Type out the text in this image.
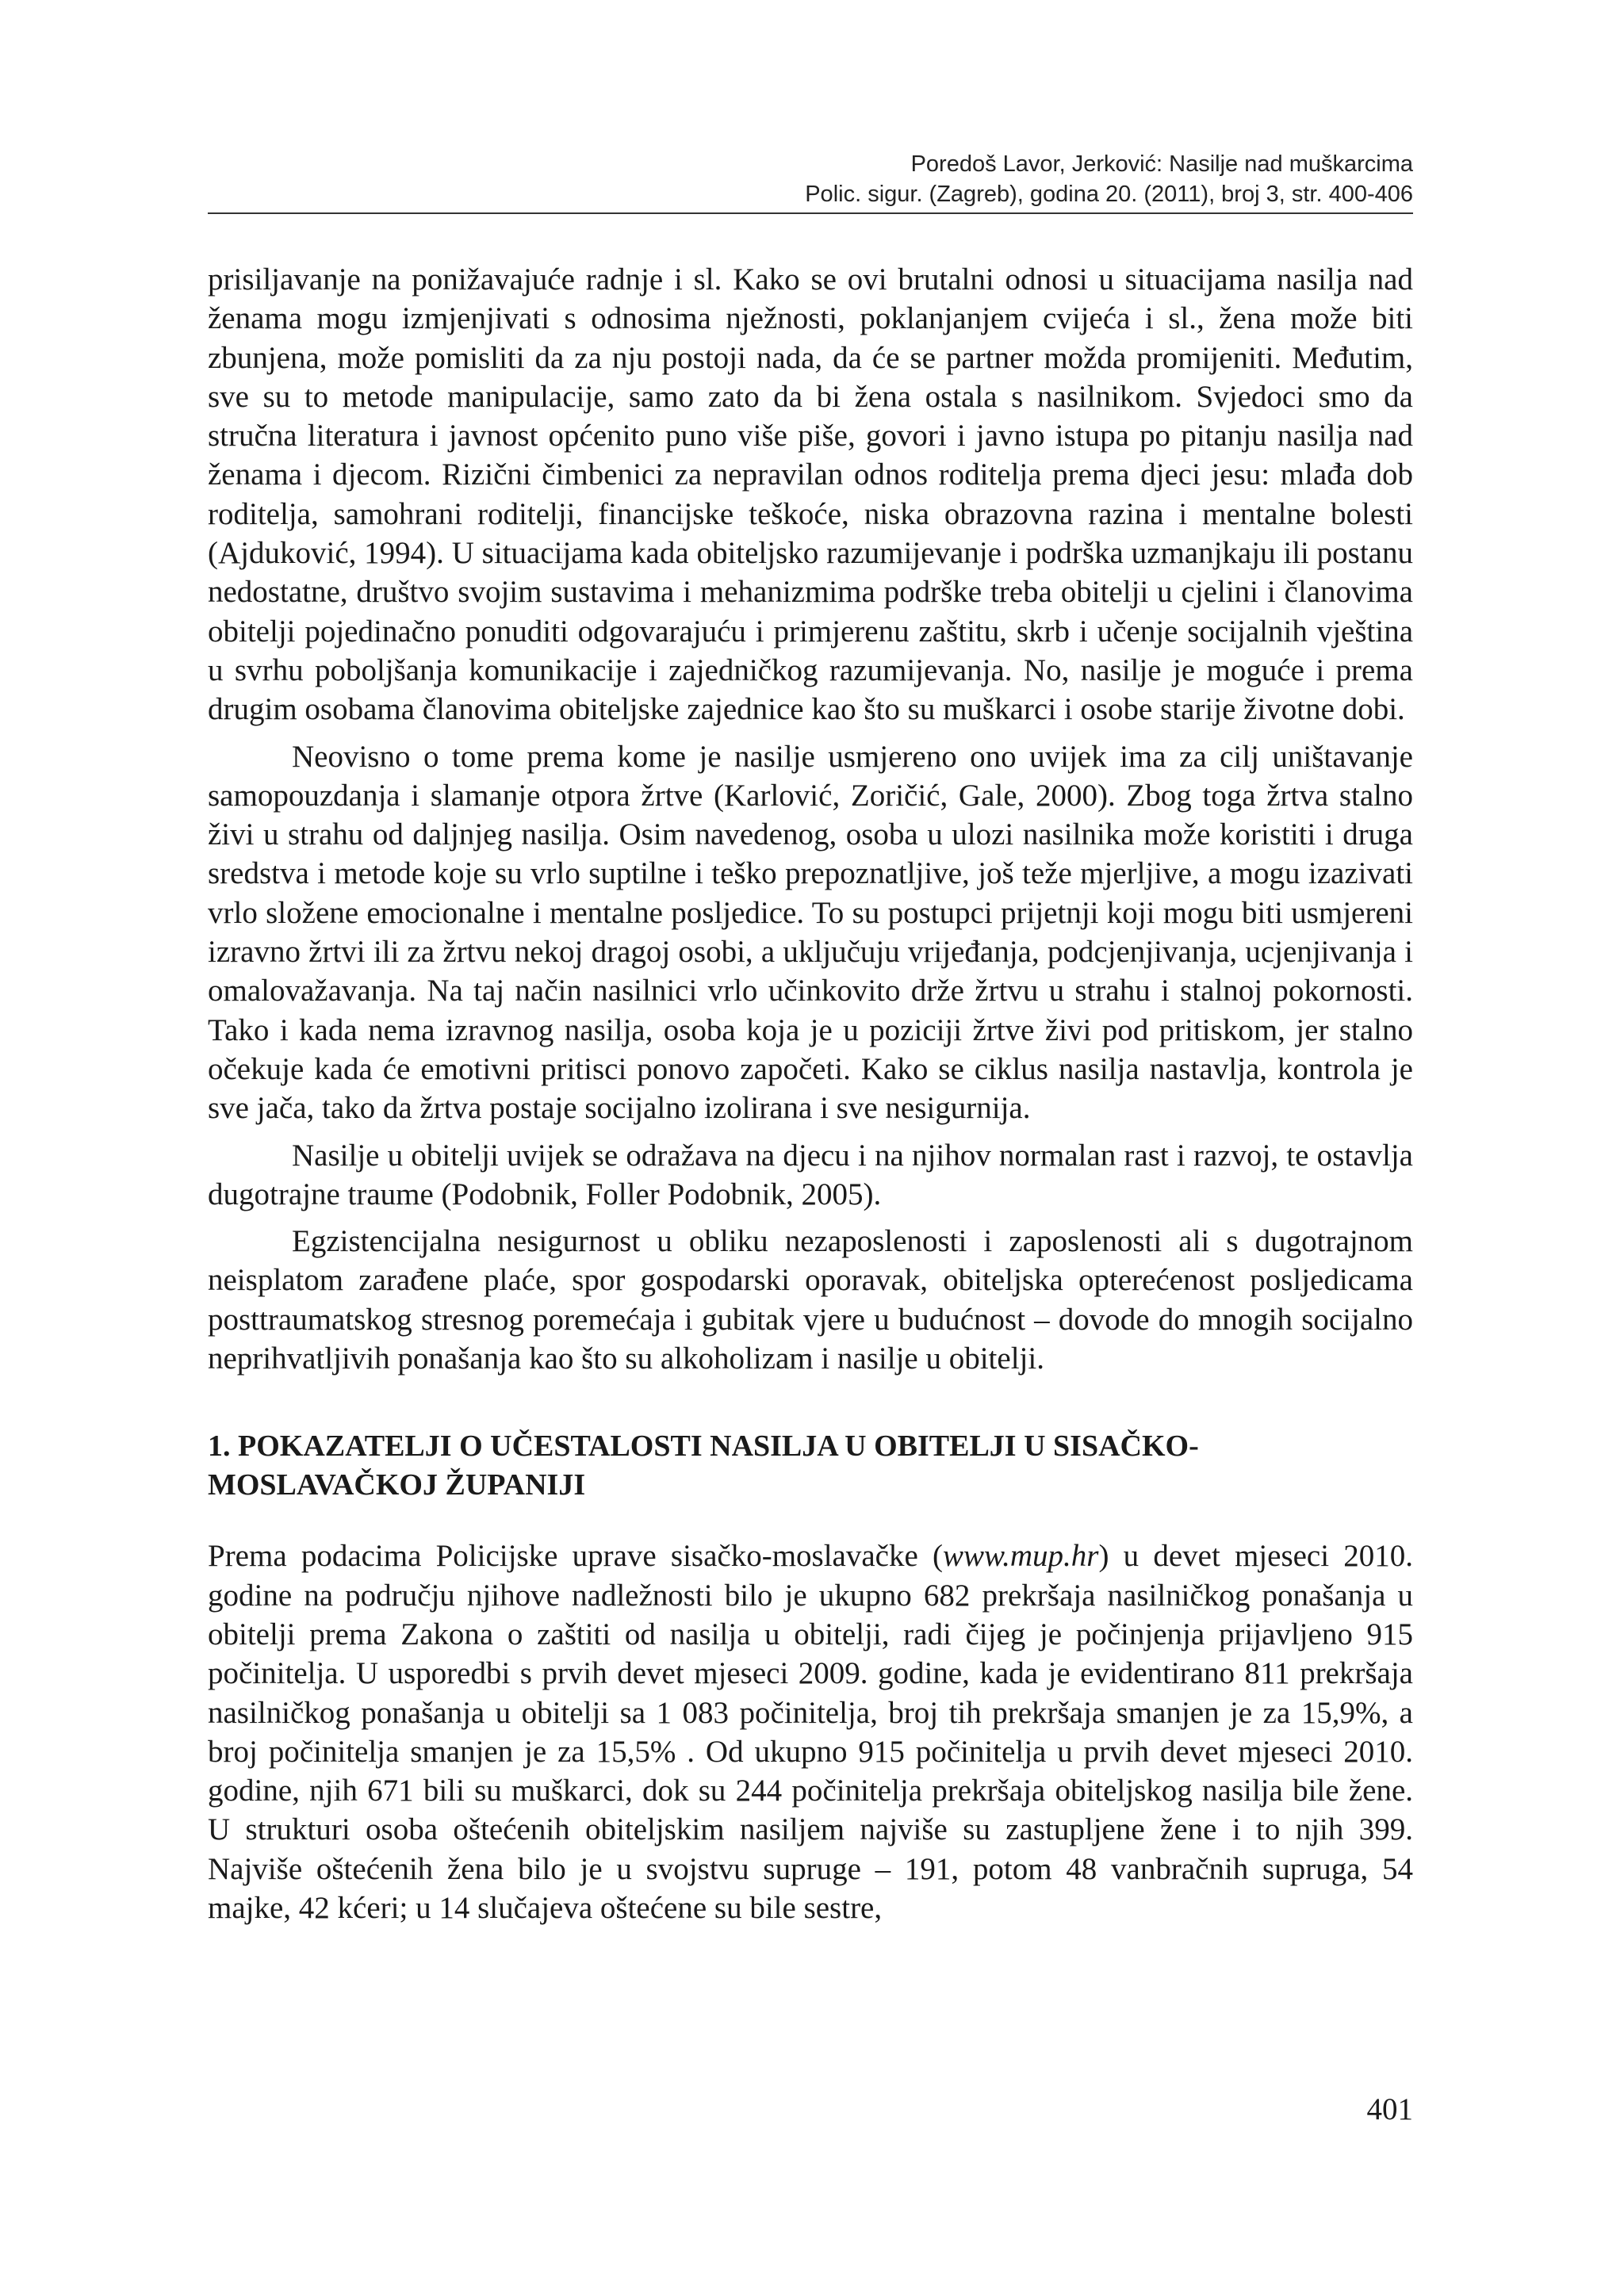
Poredoš Lavor, Jerković: Nasilje nad muškarcima
Polic. sigur. (Zagreb), godina 20. (2011), broj 3, str. 400-406

prisiljavanje na ponižavajuće radnje i sl. Kako se ovi brutalni odnosi u situacijama nasilja nad ženama mogu izmjenjivati s odnosima nježnosti, poklanjanjem cvijeća i sl., žena može biti zbunjena, može pomisliti da za nju postoji nada, da će se partner možda promijeniti. Međutim, sve su to metode manipulacije, samo zato da bi žena ostala s nasilnikom. Svjedoci smo da stručna literatura i javnost općenito puno više piše, govori i javno istupa po pitanju nasilja nad ženama i djecom. Rizični čimbenici za nepravilan odnos roditelja prema djeci jesu: mlađa dob roditelja, samohrani roditelji, financijske teškoće, niska obrazovna razina i mentalne bolesti (Ajduković, 1994). U situacijama kada obiteljsko razumijevanje i podrška uzmanjkaju ili postanu nedostatne, društvo svojim sustavima i mehanizmima podrške treba obitelji u cjelini i članovima obitelji pojedinačno ponuditi odgovarajuću i primjerenu zaštitu, skrb i učenje socijalnih vještina u svrhu poboljšanja komunikacije i zajedničkog razumijevanja. No, nasilje je moguće i prema drugim osobama članovima obiteljske zajednice kao što su muškarci i osobe starije životne dobi.

Neovisno o tome prema kome je nasilje usmjereno ono uvijek ima za cilj uništavanje samopouzdanja i slamanje otpora žrtve (Karlović, Zoričić, Gale, 2000). Zbog toga žrtva stalno živi u strahu od daljnjeg nasilja. Osim navedenog, osoba u ulozi nasilnika može koristiti i druga sredstva i metode koje su vrlo suptilne i teško prepoznatljive, još teže mjerljive, a mogu izazivati vrlo složene emocionalne i mentalne posljedice. To su postupci prijetnji koji mogu biti usmjereni izravno žrtvi ili za žrtvu nekoj dragoj osobi, a uključuju vrijeđanja, podcjenjivanja, ucjenjivanja i omalovažavanja. Na taj način nasilnici vrlo učinkovito drže žrtvu u strahu i stalnoj pokornosti. Tako i kada nema izravnog nasilja, osoba koja je u poziciji žrtve živi pod pritiskom, jer stalno očekuje kada će emotivni pritisci ponovo započeti. Kako se ciklus nasilja nastavlja, kontrola je sve jača, tako da žrtva postaje socijalno izolirana i sve nesigurnija.

Nasilje u obitelji uvijek se odražava na djecu i na njihov normalan rast i razvoj, te ostavlja dugotrajne traume (Podobnik, Foller Podobnik, 2005).

Egzistencijalna nesigurnost u obliku nezaposlenosti i zaposlenosti ali s dugotrajnom neisplatom zarađene plaće, spor gospodarski oporavak, obiteljska opterećenost posljedicama posttraumatskog stresnog poremećaja i gubitak vjere u budućnost – dovode do mnogih socijalno neprihvatljivih ponašanja kao što su alkoholizam i nasilje u obitelji.

1. POKAZATELJI O UČESTALOSTI NASILJA U OBITELJI U SISAČKO-MOSLAVAČKOJ ŽUPANIJI

Prema podacima Policijske uprave sisačko-moslavačke (www.mup.hr) u devet mjeseci 2010. godine na području njihove nadležnosti bilo je ukupno 682 prekršaja nasilničkog ponašanja u obitelji prema Zakona o zaštiti od nasilja u obitelji, radi čijeg je počinjenja prijavljeno 915 počinitelja. U usporedbi s prvih devet mjeseci 2009. godine, kada je evidentirano 811 prekršaja nasilničkog ponašanja u obitelji sa 1 083 počinitelja, broj tih prekršaja smanjen je za 15,9%, a broj počinitelja smanjen je za 15,5% . Od ukupno 915 počinitelja u prvih devet mjeseci 2010. godine, njih 671 bili su muškarci, dok su 244 počinitelja prekršaja obiteljskog nasilja bile žene. U strukturi osoba oštećenih obiteljskim nasiljem najviše su zastupljene žene i to njih 399. Najviše oštećenih žena bilo je u svojstvu supruge – 191, potom 48 vanbračnih supruga, 54 majke, 42 kćeri; u 14 slučajeva oštećene su bile sestre,

401
